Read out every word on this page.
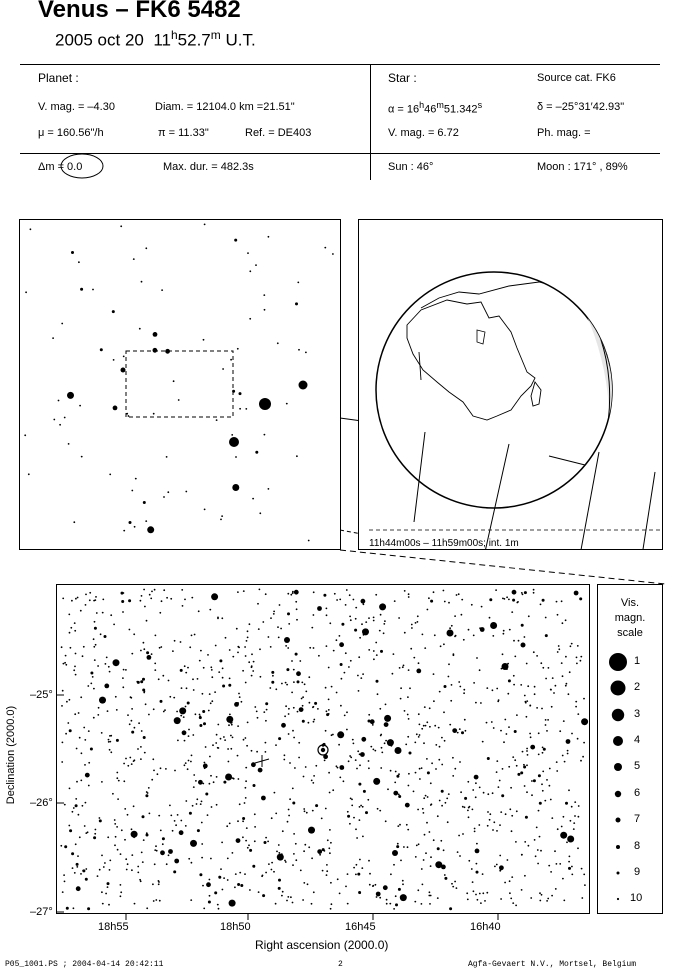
Venus – FK6 5482
2005 oct 20 11$^h$52.7$^m$ U.T.
Planet :
V. mag. = –4.30	Diam. = 12104.0 km =21.51"
μ = 160.56"/h	π = 11.33"	Ref. = DE403
Star :	Source cat. FK6
$\alpha = 16^h46^m51.342^s$	δ = –25°31′42.93"
V. mag. = 6.72	Ph. mag. =
Δm = 0.0	Max. dur. = 482.3s	Sun : 46°	Moon : 171° , 89%
11h44m00s – 11h59m00s; int. 1m
18h55	18h50	16h45	16h40
Right ascension (2000.0)
–25°
–26°
–27°
Declination (2000.0)
Vis.
magn.
scale
1
2
3
4
5
6
7
8
9
10
P05_1001.PS ; 2004-04-14 20:42:11	2	Agfa-Gevaert N.V., Mortsel, Belgium
